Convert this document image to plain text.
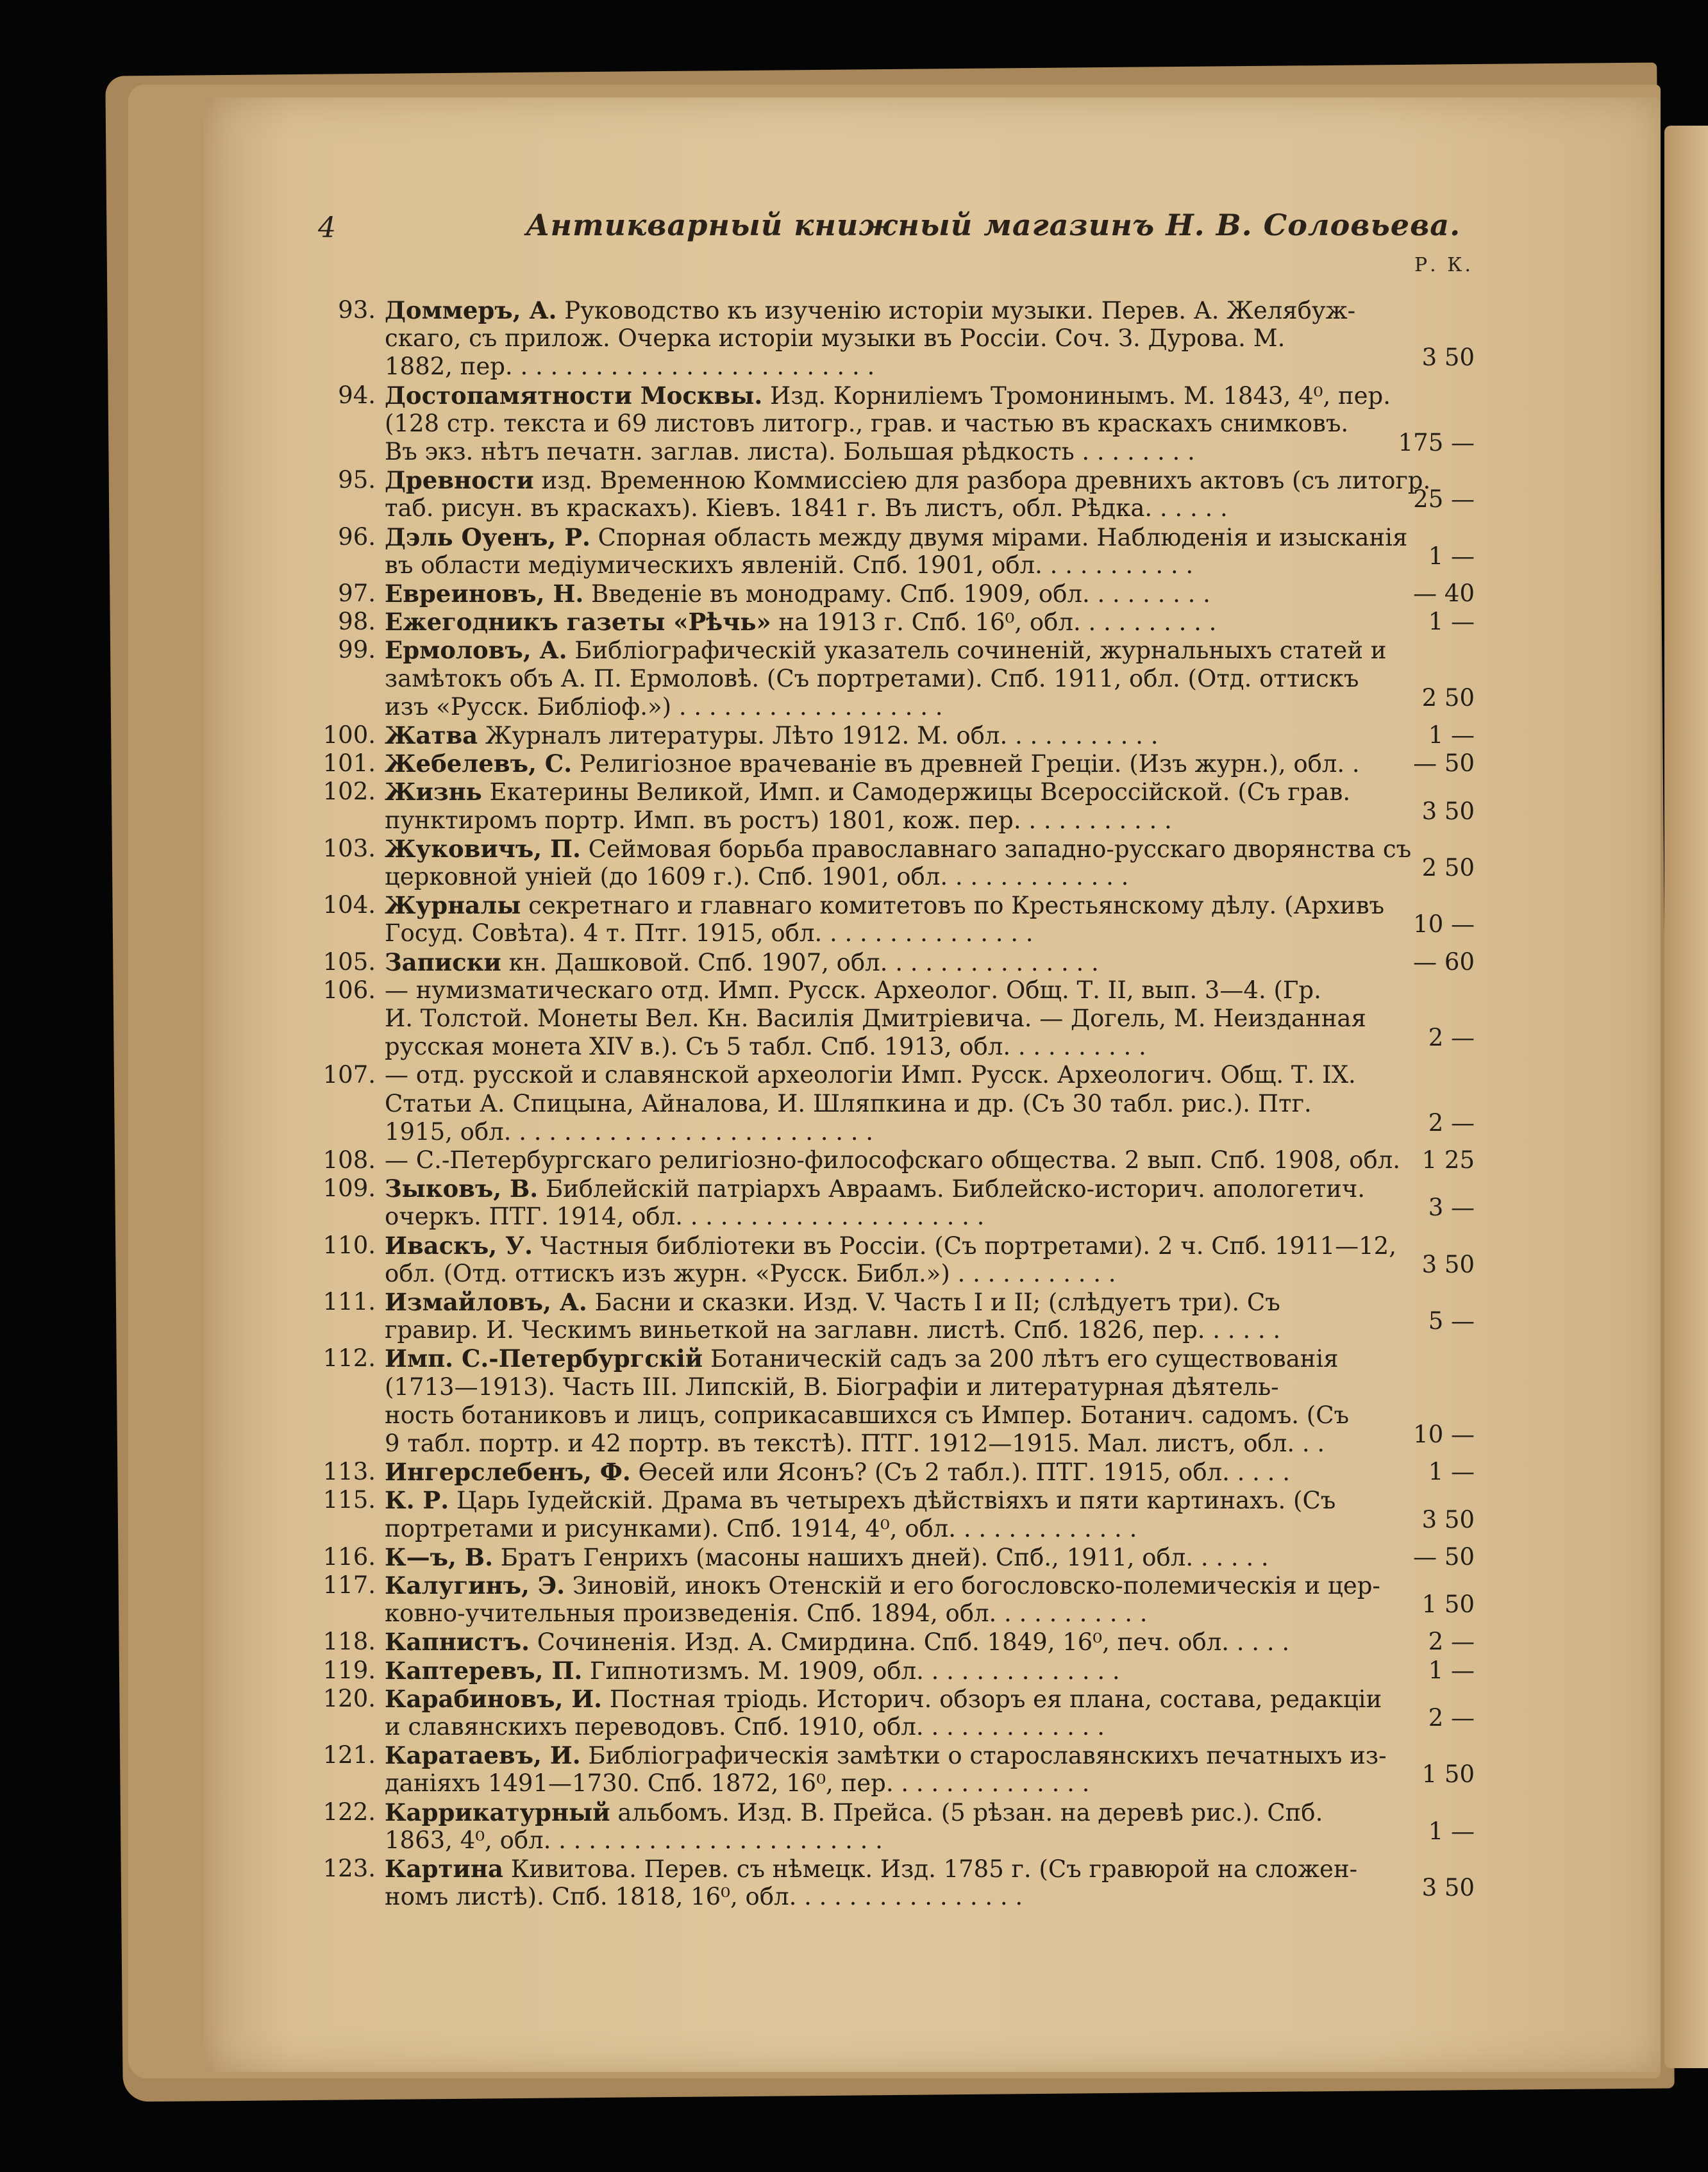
4	Антикварный книжный магазинъ Н. В. Соловьева.
Р. К.
93. Доммеръ, А. Руководство къ изученію исторіи музыки. Перев. А. Желябуж-
скаго, съ прилож. Очерка исторіи музыки въ Россіи. Соч. З. Дурова. М.
1882, пер. . . . . . . . . . . . . . . . . . . . . . . . .	3 50
94. Достопамятности Москвы. Изд. Корниліемъ Тромонинымъ. М. 1843, 4⁰, пер.
(128 стр. текста и 69 листовъ литогр., грав. и частью въ краскахъ снимковъ.
Въ экз. нѣтъ печатн. заглав. листа). Большая рѣдкость . . . . . . . .	175 —
95. Древности изд. Временною Коммиссіею для разбора древнихъ актовъ (съ литогр.
таб. рисун. въ краскахъ). Кіевъ. 1841 г. Въ листъ, обл. Рѣдка. . . . . .	25 —
96. Дэль Оуенъ, Р. Спорная область между двумя мірами. Наблюденія и изысканія
въ области медіумическихъ явленій. Спб. 1901, обл. . . . . . . . . . .	1 —
97. Евреиновъ, Н. Введеніе въ монодраму. Спб. 1909, обл. . . . . . . . .	— 40
98. Ежегодникъ газеты «Рѣчь» на 1913 г. Спб. 16⁰, обл. . . . . . . . . .	1 —
99. Ермоловъ, А. Библіографическій указатель сочиненій, журнальныхъ статей и
замѣтокъ объ А. П. Ермоловѣ. (Съ портретами). Спб. 1911, обл. (Отд. оттискъ
изъ «Русск. Библіоф.») . . . . . . . . . . . . . . . . . .	2 50
100. Жатва Журналъ литературы. Лѣто 1912. М. обл. . . . . . . . . . .	1 —
101. Жебелевъ, С. Религіозное врачеваніе въ древней Греціи. (Изъ журн.), обл. .	— 50
102. Жизнь Екатерины Великой, Имп. и Самодержицы Всероссійской. (Съ грав.
пунктиромъ портр. Имп. въ ростъ) 1801, кож. пер. . . . . . . . . . .	3 50
103. Жуковичъ, П. Сеймовая борьба православнаго западно-русскаго дворянства съ
церковной уніей (до 1609 г.). Спб. 1901, обл. . . . . . . . . . . . .	2 50
104. Журналы секретнаго и главнаго комитетовъ по Крестьянскому дѣлу. (Архивъ
Госуд. Совѣта). 4 т. Птг. 1915, обл. . . . . . . . . . . . . . .	10 —
105. Записки кн. Дашковой. Спб. 1907, обл. . . . . . . . . . . . . . .	— 60
106. — нумизматическаго отд. Имп. Русск. Археолог. Общ. Т. II, вып. 3—4. (Гр.
И. Толстой. Монеты Вел. Кн. Василія Дмитріевича. — Догель, М. Неизданная
русская монета XIV в.). Съ 5 табл. Спб. 1913, обл. . . . . . . . . .	2 —
107. — отд. русской и славянской археологіи Имп. Русск. Археологич. Общ. Т. IX.
Статьи А. Спицына, Айналова, И. Шляпкина и др. (Съ 30 табл. рис.). Птг.
1915, обл. . . . . . . . . . . . . . . . . . . . . . . . .	2 —
108. — С.-Петербургскаго религіозно-философскаго общества. 2 вып. Спб. 1908, обл. 1 25
109. Зыковъ, В. Библейскій патріархъ Авраамъ. Библейско-историч. апологетич.
очеркъ. ПТГ. 1914, обл. . . . . . . . . . . . . . . . . . . . .	3 —
110. Иваскъ, У. Частныя библіотеки въ Россіи. (Съ портретами). 2 ч. Спб. 1911—12,
обл. (Отд. оттискъ изъ журн. «Русск. Библ.») . . . . . . . . . . .	3 50
111. Измайловъ, А. Басни и сказки. Изд. V. Часть I и II; (слѣдуетъ три). Съ
гравир. И. Ческимъ виньеткой на заглавн. листѣ. Спб. 1826, пер. . . . . .	5 —
112. Имп. С.-Петербургскій Ботаническій садъ за 200 лѣтъ его существованія
(1713—1913). Часть III. Липскій, В. Біографіи и литературная дѣятель-
ность ботаниковъ и лицъ, соприкасавшихся съ Импер. Ботанич. садомъ. (Съ
9 табл. портр. и 42 портр. въ текстѣ). ПТГ. 1912—1915. Мал. листъ, обл. . .	10 —
113. Ингерслебенъ, Ф. Өесей или Ясонъ? (Съ 2 табл.). ПТГ. 1915, обл. . . . .	1 —
115. К. Р. Царь Іудейскій. Драма въ четырехъ дѣйствіяхъ и пяти картинахъ. (Съ
портретами и рисунками). Спб. 1914, 4⁰, обл. . . . . . . . . . . . .	3 50
116. К—ъ, В. Братъ Генрихъ (масоны нашихъ дней). Спб., 1911, обл. . . . . .	— 50
117. Калугинъ, Э. Зиновій, инокъ Отенскій и его богословско-полемическія и цер-
ковно-учительныя произведенія. Спб. 1894, обл. . . . . . . . . . .	1 50
118. Капнистъ. Сочиненія. Изд. А. Смирдина. Спб. 1849, 16⁰, печ. обл. . . . .	2 —
119. Каптеревъ, П. Гипнотизмъ. М. 1909, обл. . . . . . . . . . . . . .	1 —
120. Карабиновъ, И. Постная тріодь. Историч. обзоръ ея плана, состава, редакціи
и славянскихъ переводовъ. Спб. 1910, обл. . . . . . . . . . . . .	2 —
121. Каратаевъ, И. Библіографическія замѣтки о старославянскихъ печатныхъ из-
даніяхъ 1491—1730. Спб. 1872, 16⁰, пер. . . . . . . . . . . . . .	1 50
122. Каррикатурный альбомъ. Изд. В. Прейса. (5 рѣзан. на деревѣ рис.). Спб.
1863, 4⁰, обл. . . . . . . . . . . . . . . . . . . . . . .	1 —
123. Картина Кивитова. Перев. съ нѣмецк. Изд. 1785 г. (Съ гравюрой на сложен-
номъ листѣ). Спб. 1818, 16⁰, обл. . . . . . . . . . . . . . . .	3 50
